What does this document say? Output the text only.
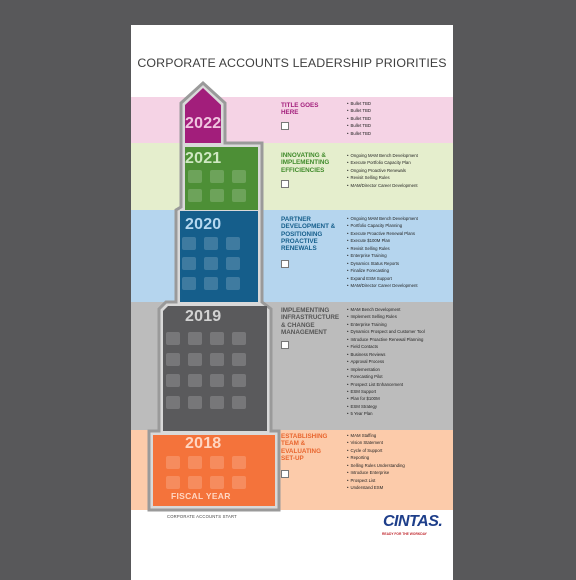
CORPORATE ACCOUNTS LEADERSHIP PRIORITIES
2022
2021
2020
2019
2018
TITLE GOES HERE
INNOVATING & IMPLEMENTING EFFICIENCIES
PARTNER DEVELOPMENT & POSITIONING PROACTIVE RENEWALS
IMPLEMENTING INFRASTRUCTURE & CHANGE MANAGEMENT
ESTABLISHING TEAM & EVALUATING SET-UP
• Bullet TBD
• Bullet TBD
• Bullet TBD
• Bullet TBD
• Bullet TBD
• Ongoing MAM Bench Development
• Execute Portfolio Capacity Plan
• Ongoing Proactive Renewals
• Revisit Selling Rules
• MAM/Director Career Development
• Ongoing MAM Bench Development
• Portfolio Capacity Planning
• Execute Proactive Renewal Plans
• Execute $100M Plan
• Revisit Selling Rules
• Enterprise Training
• Dynamics Status Reports
• Finalize Forecasting
• Expand ESM Support
• MAM/Director Career Development
• MAM Bench Development
• Implement Selling Rules
• Enterprise Training
• Dynamics Prospect and Customer Tool
• Introduce Proactive Renewal Planning
• Field Contacts
• Business Reviews
• Approval Process
• Implementation
• Forecasting Pilot
• Prospect List Enhancement
• ESM Support
• Plan for $100M
• ESM Strategy
• 5 Year Plan
• MAM Staffing
• Vision Statement
• Cycle of Support
• Reporting
• Selling Rules Understanding
• Introduce Enterprise
• Prospect List
• Understand ESM
FISCAL YEAR
CORPORATE ACCOUNTS START	CINTAS.
READY FOR THE WORKDAY
